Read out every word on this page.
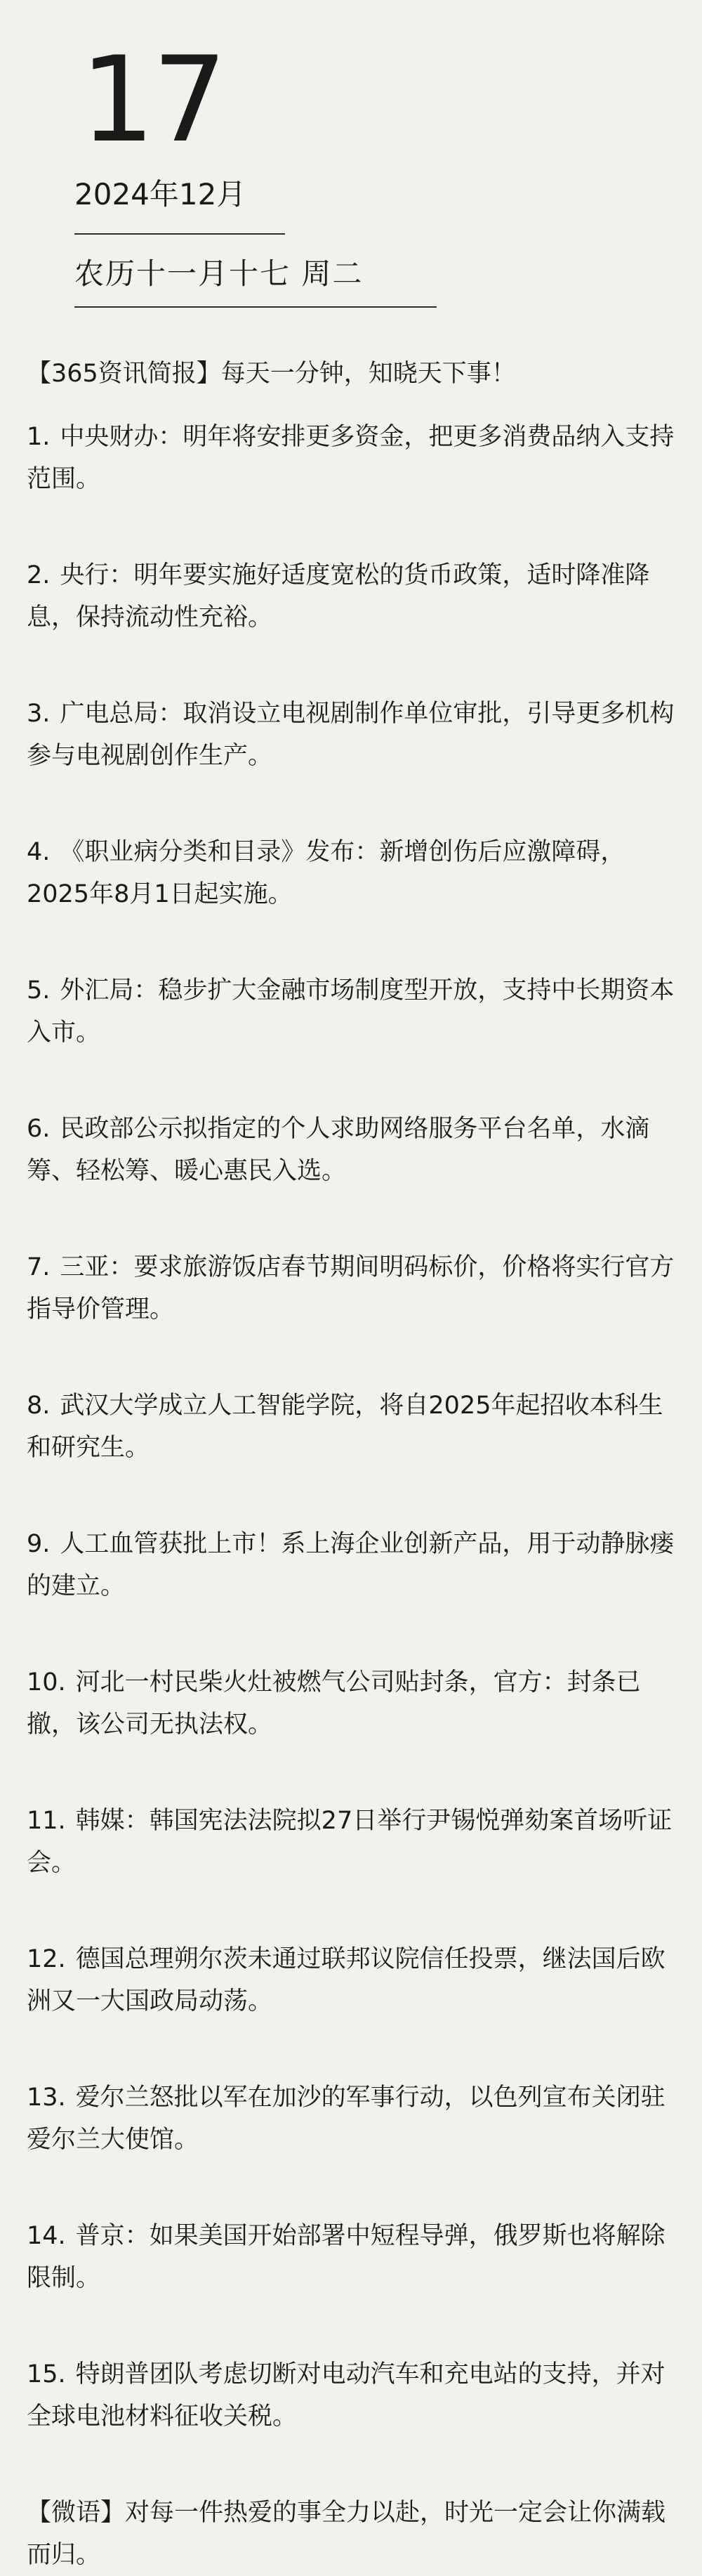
17
2024年12月
农历十一月十七 周二
【365资讯简报】每天一分钟，知晓天下事！
1. 中央财办：明年将安排更多资金，把更多消费品纳入支持范围。
2. 央行：明年要实施好适度宽松的货币政策，适时降准降息，保持流动性充裕。
3. 广电总局：取消设立电视剧制作单位审批，引导更多机构参与电视剧创作生产。
4. 《职业病分类和目录》发布：新增创伤后应激障碍，2025年8月1日起实施。
5. 外汇局：稳步扩大金融市场制度型开放，支持中长期资本入市。
6. 民政部公示拟指定的个人求助网络服务平台名单，水滴筹、轻松筹、暖心惠民入选。
7. 三亚：要求旅游饭店春节期间明码标价，价格将实行官方指导价管理。
8. 武汉大学成立人工智能学院，将自2025年起招收本科生和研究生。
9. 人工血管获批上市！系上海企业创新产品，用于动静脉瘘的建立。
10. 河北一村民柴火灶被燃气公司贴封条，官方：封条已撤，该公司无执法权。
11. 韩媒：韩国宪法法院拟27日举行尹锡悦弹劾案首场听证会。
12. 德国总理朔尔茨未通过联邦议院信任投票，继法国后欧洲又一大国政局动荡。
13. 爱尔兰怒批以军在加沙的军事行动，以色列宣布关闭驻爱尔兰大使馆。
14. 普京：如果美国开始部署中短程导弹，俄罗斯也将解除限制。
15. 特朗普团队考虑切断对电动汽车和充电站的支持，并对全球电池材料征收关税。
【微语】对每一件热爱的事全力以赴，时光一定会让你满载而归。
